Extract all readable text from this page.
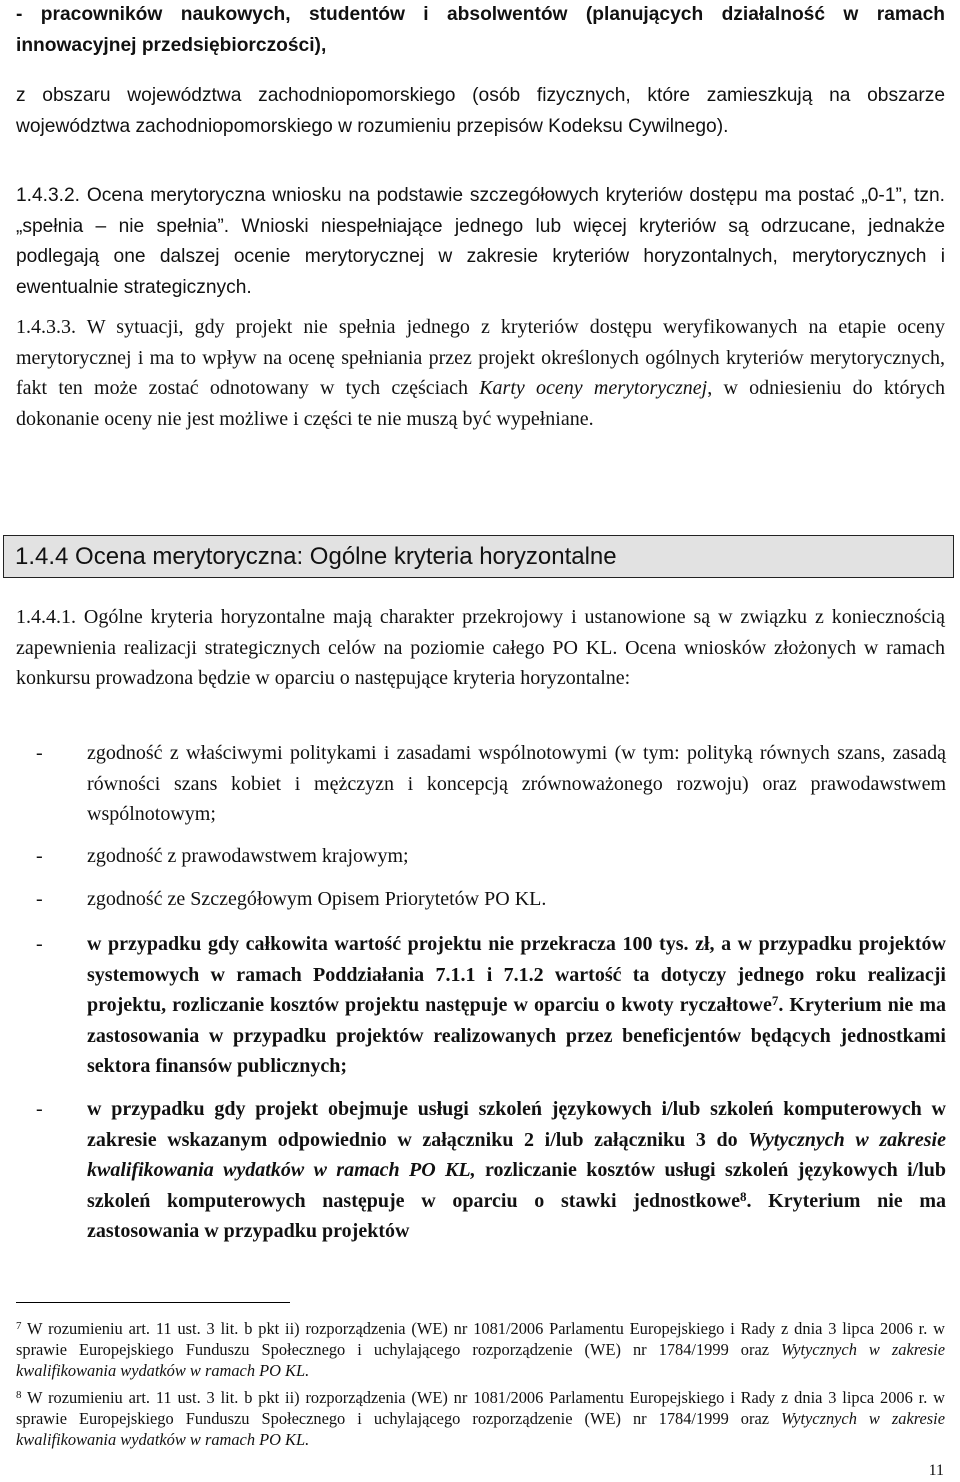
- pracowników naukowych, studentów i absolwentów (planujących działalność w ramach innowacyjnej przedsiębiorczości),

z obszaru województwa zachodniopomorskiego (osób fizycznych, które zamieszkują na obszarze województwa zachodniopomorskiego w rozumieniu przepisów Kodeksu Cywilnego).

1.4.3.2. Ocena merytoryczna wniosku na podstawie szczegółowych kryteriów dostępu ma postać „0-1”, tzn. „spełnia – nie spełnia”. Wnioski niespełniające jednego lub więcej kryteriów są odrzucane, jednakże podlegają one dalszej ocenie merytorycznej w zakresie kryteriów horyzontalnych, merytorycznych i ewentualnie strategicznych.

1.4.3.3. W sytuacji, gdy projekt nie spełnia jednego z kryteriów dostępu weryfikowanych na etapie oceny merytorycznej i ma to wpływ na ocenę spełniania przez projekt określonych ogólnych kryteriów merytorycznych, fakt ten może zostać odnotowany w tych częściach Karty oceny merytorycznej, w odniesieniu do których dokonanie oceny nie jest możliwe i części te nie muszą być wypełniane.

1.4.4 Ocena merytoryczna: Ogólne kryteria horyzontalne

1.4.4.1. Ogólne kryteria horyzontalne mają charakter przekrojowy i ustanowione są w związku z koniecznością zapewnienia realizacji strategicznych celów na poziomie całego PO KL. Ocena wniosków złożonych w ramach konkursu prowadzona będzie w oparciu o następujące kryteria horyzontalne:

- zgodność z właściwymi politykami i zasadami wspólnotowymi (w tym: polityką równych szans, zasadą równości szans kobiet i mężczyzn i koncepcją zrównoważonego rozwoju) oraz prawodawstwem wspólnotowym;

- zgodność z prawodawstwem krajowym;

- zgodność ze Szczegółowym Opisem Priorytetów PO KL.

- w przypadku gdy całkowita wartość projektu nie przekracza 100 tys. zł, a w przypadku projektów systemowych w ramach Poddziałania 7.1.1 i 7.1.2 wartość ta dotyczy jednego roku realizacji projektu, rozliczanie kosztów projektu następuje w oparciu o kwoty ryczałtowe$^7$. Kryterium nie ma zastosowania w przypadku projektów realizowanych przez beneficjentów będących jednostkami sektora finansów publicznych;

- w przypadku gdy projekt obejmuje usługi szkoleń językowych i/lub szkoleń komputerowych w zakresie wskazanym odpowiednio w załączniku 2 i/lub załączniku 3 do Wytycznych w zakresie kwalifikowania wydatków w ramach PO KL, rozliczanie kosztów usługi szkoleń językowych i/lub szkoleń komputerowych następuje w oparciu o stawki jednostkowe$^8$. Kryterium nie ma zastosowania w przypadku projektów

$^7$ W rozumieniu art. 11 ust. 3 lit. b pkt ii) rozporządzenia (WE) nr 1081/2006 Parlamentu Europejskiego i Rady z dnia 3 lipca 2006 r. w sprawie Europejskiego Funduszu Społecznego i uchylającego rozporządzenie (WE) nr 1784/1999 oraz Wytycznych w zakresie kwalifikowania wydatków w ramach PO KL.

$^8$ W rozumieniu art. 11 ust. 3 lit. b pkt ii) rozporządzenia (WE) nr 1081/2006 Parlamentu Europejskiego i Rady z dnia 3 lipca 2006 r. w sprawie Europejskiego Funduszu Społecznego i uchylającego rozporządzenie (WE) nr 1784/1999 oraz Wytycznych w zakresie kwalifikowania wydatków w ramach PO KL.

11
